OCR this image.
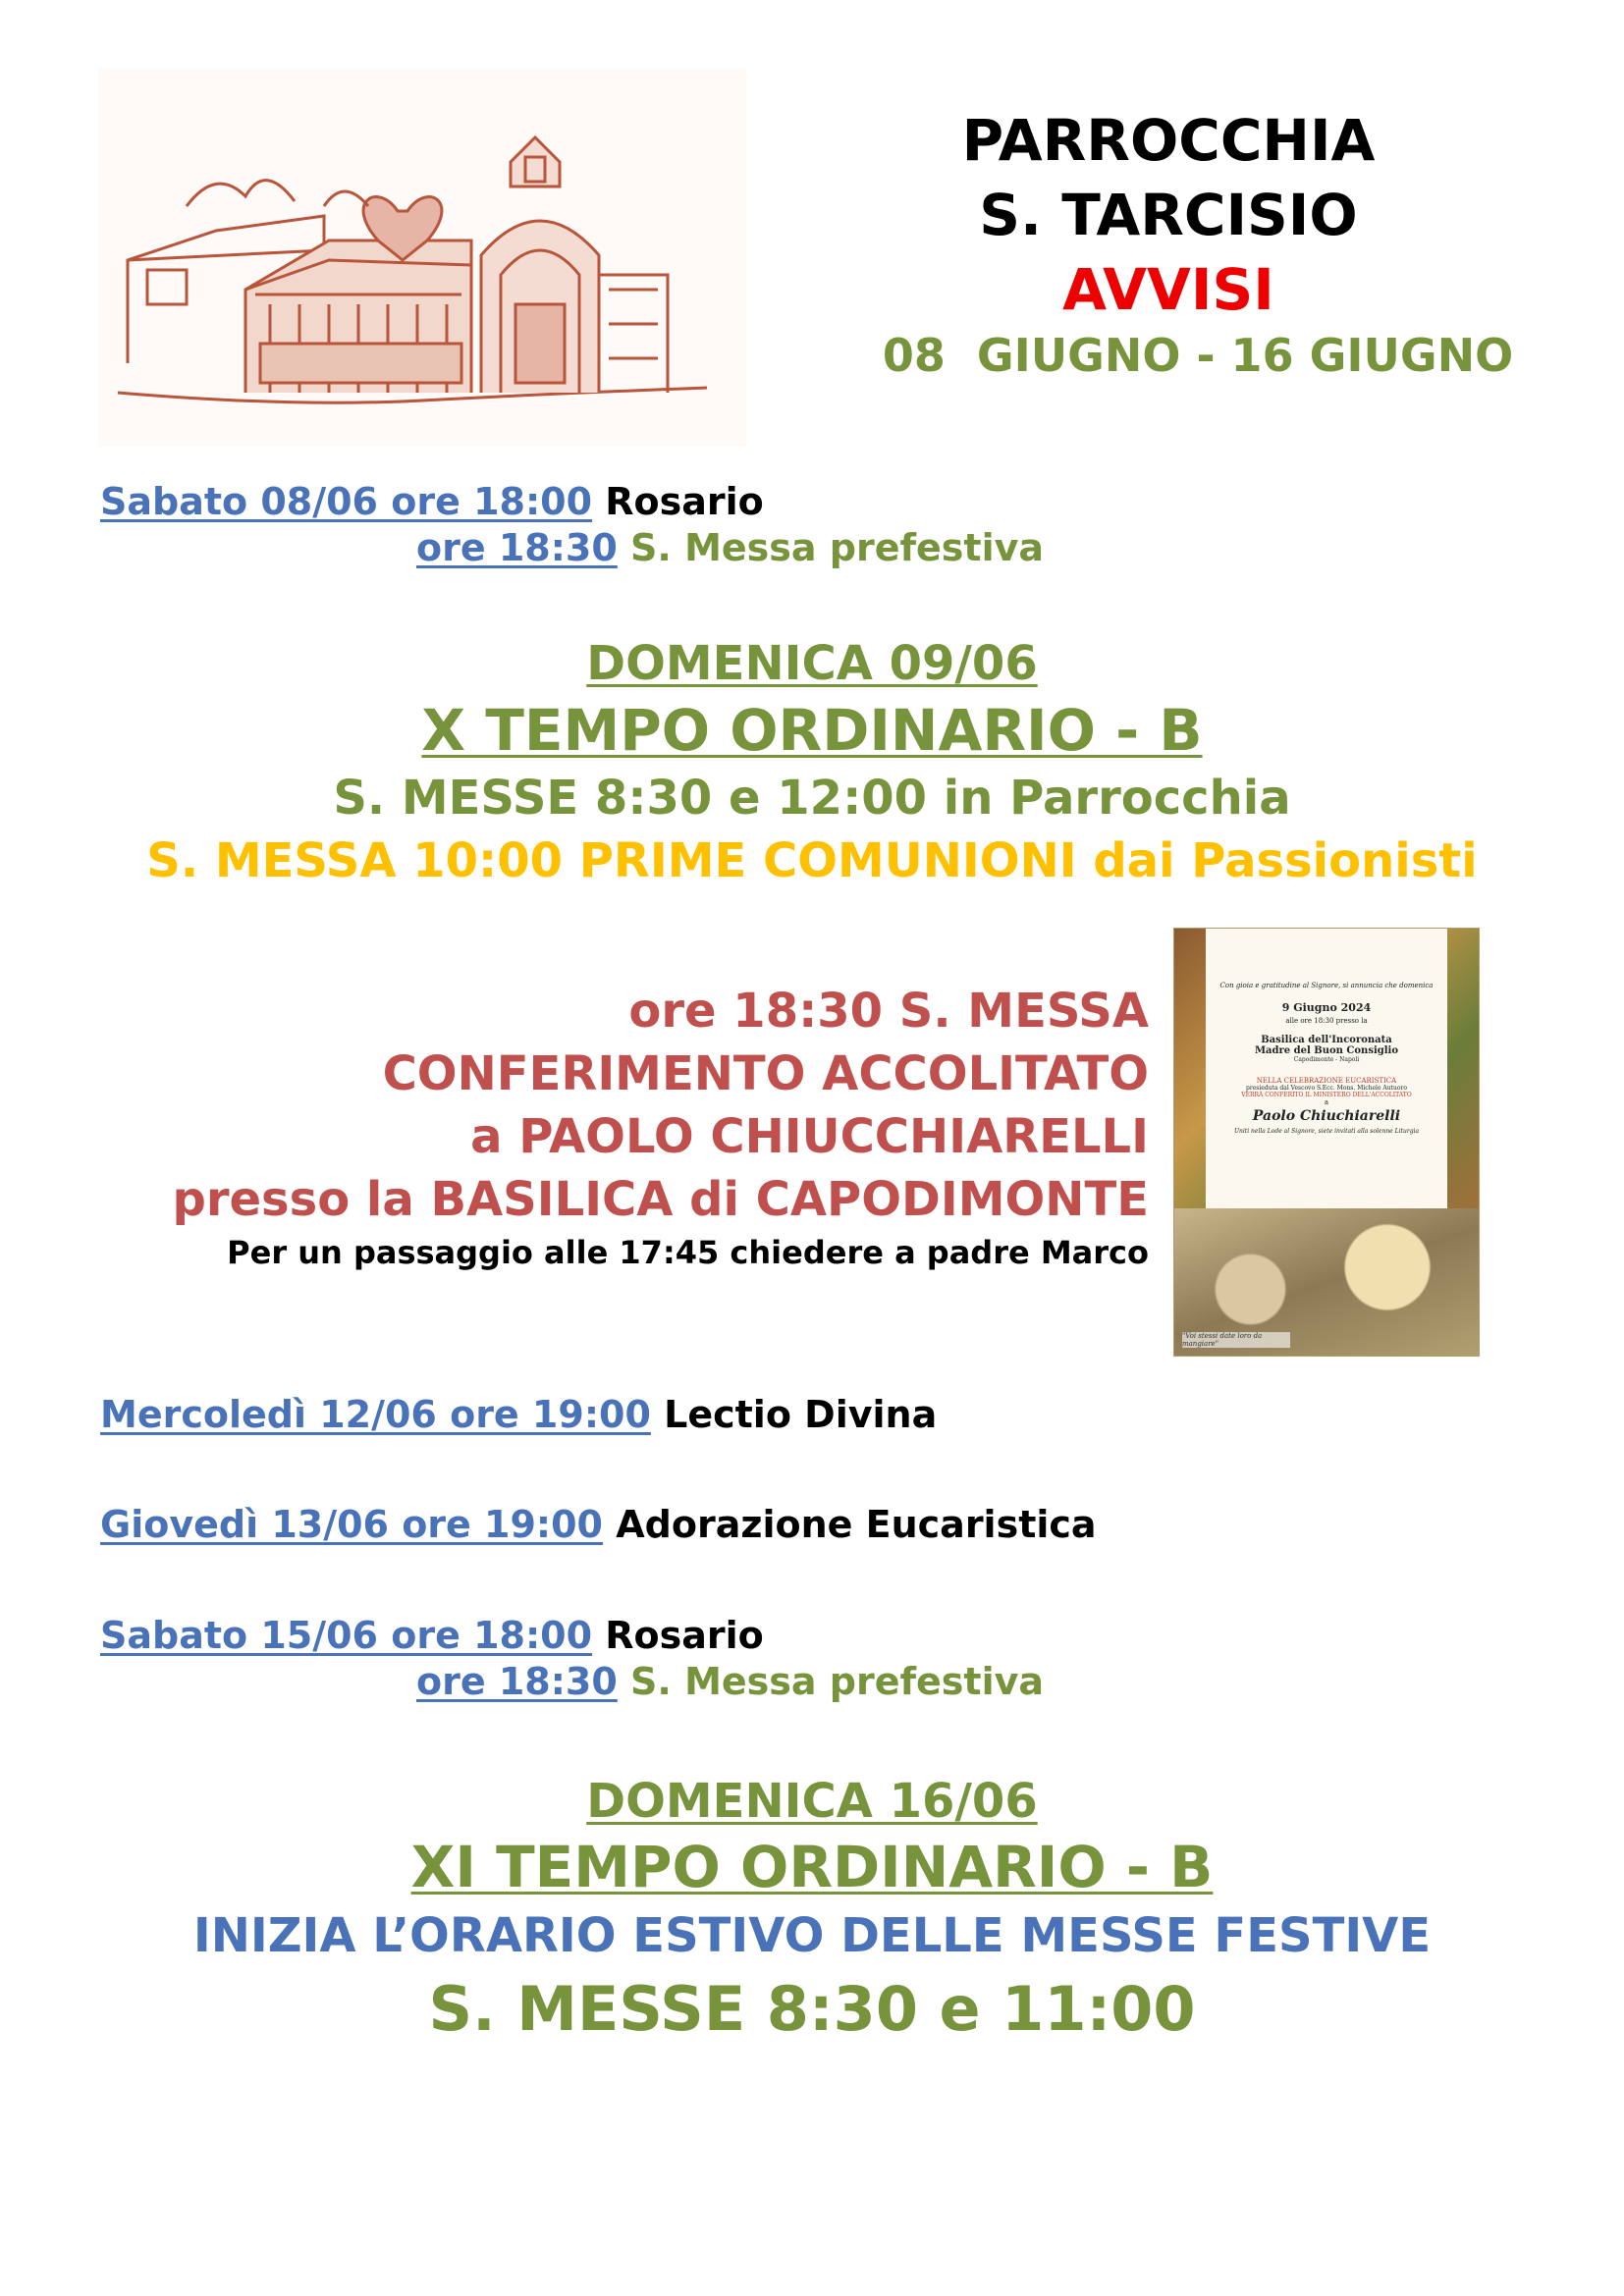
PARROCCHIA
S. TARCISIO
AVVISI
08  GIUGNO - 16 GIUGNO
Sabato 08/06 ore 18:00 Rosario
ore 18:30 S. Messa prefestiva
DOMENICA 09/06
X TEMPO ORDINARIO - B
S. MESSE 8:30 e 12:00 in Parrocchia
S. MESSA 10:00 PRIME COMUNIONI dai Passionisti
ore 18:30 S. MESSA
CONFERIMENTO ACCOLITATO
a PAOLO CHIUCCHIARELLI
presso la BASILICA di CAPODIMONTE
Per un passaggio alle 17:45 chiedere a padre Marco
Con gioia e gratitudine al Signore, si annuncia che domenica
9 Giugno 2024
alle ore 18:30 presso la
Basilica dell'Incoronata
Madre del Buon Consiglio
Capodimonte - Napoli
NELLA CELEBRAZIONE EUCARISTICA
presieduta dal Vescovo S.Ecc. Mons. Michele Autuoro
VERRÀ CONFERITO IL MINISTERO DELL'ACCOLITATO
a
Paolo Chiuchiarelli
Uniti nella Lode al Signore, siete invitati alla solenne Liturgia
"Voi stessi date loro da mangiare"
Mercoledì 12/06 ore 19:00 Lectio Divina
Giovedì 13/06 ore 19:00 Adorazione Eucaristica
Sabato 15/06 ore 18:00 Rosario
ore 18:30 S. Messa prefestiva
DOMENICA 16/06
XI TEMPO ORDINARIO - B
INIZIA L’ORARIO ESTIVO DELLE MESSE FESTIVE
S. MESSE 8:30 e 11:00
